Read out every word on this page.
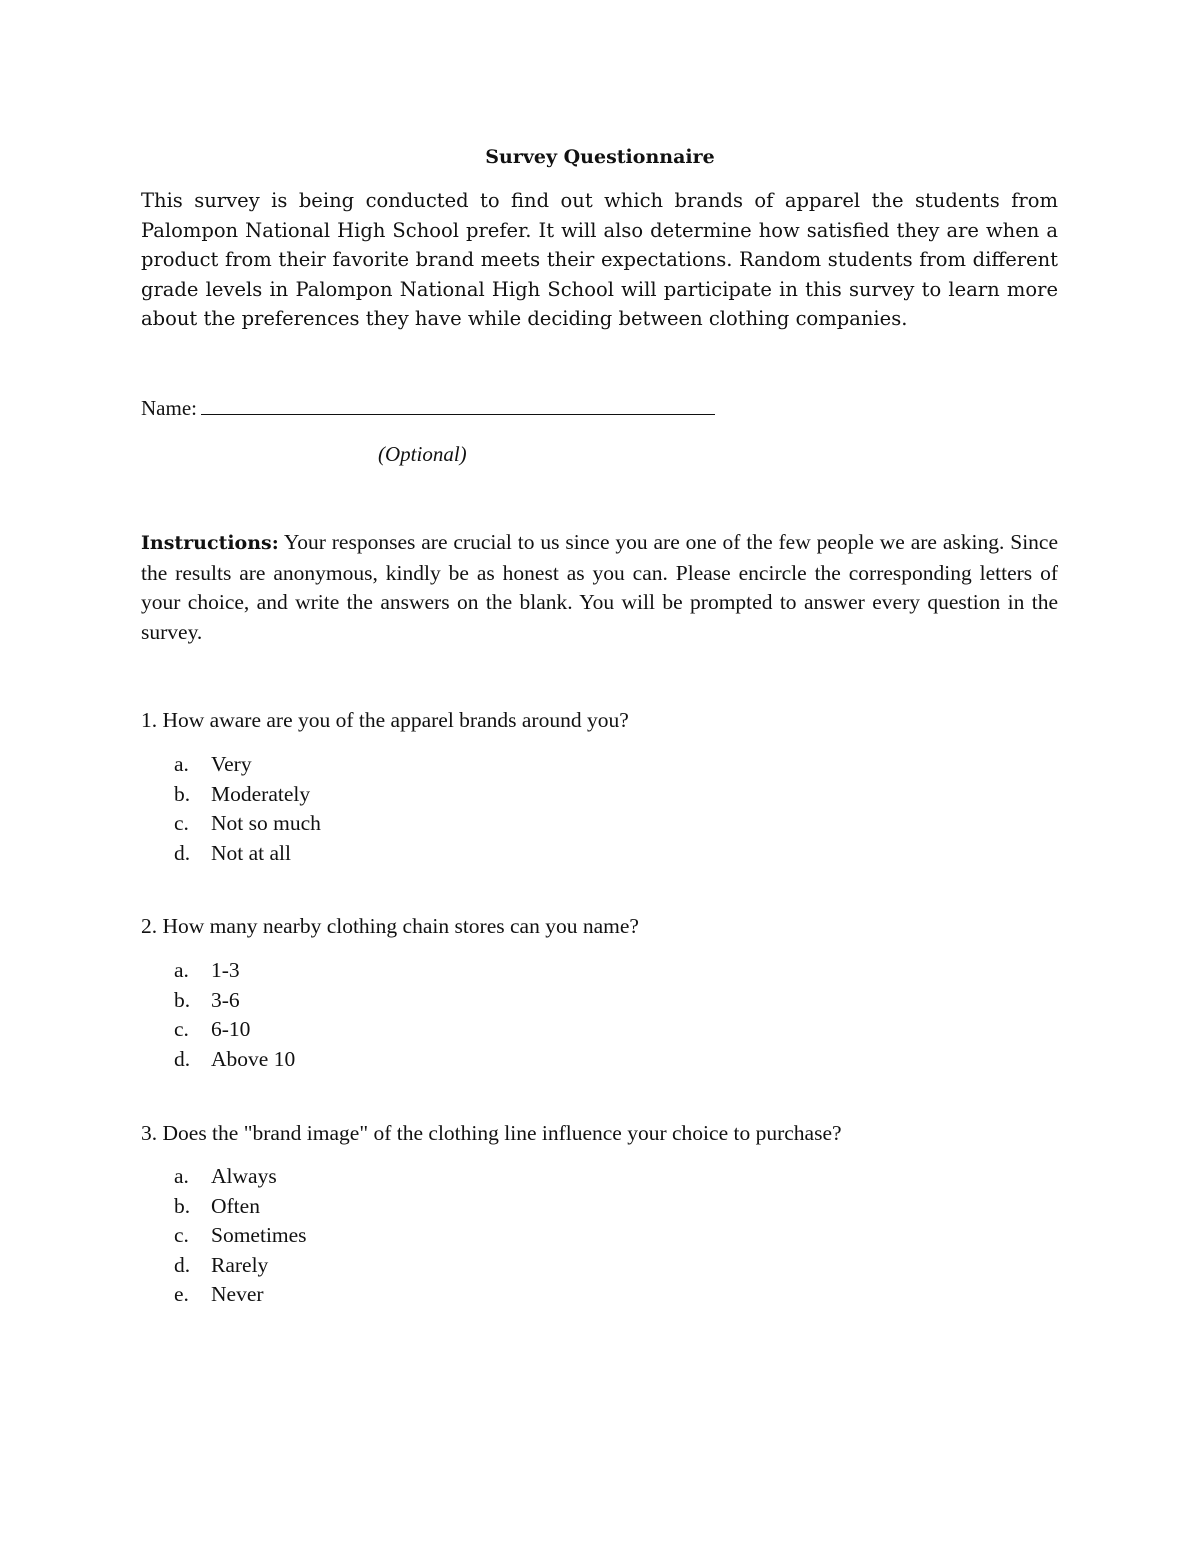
Survey Questionnaire

This survey is being conducted to find out which brands of apparel the students from Palompon National High School prefer. It will also determine how satisfied they are when a product from their favorite brand meets their expectations. Random students from different grade levels in Palompon National High School will participate in this survey to learn more about the preferences they have while deciding between clothing companies.

Name:
(Optional)

Instructions: Your responses are crucial to us since you are one of the few people we are asking. Since the results are anonymous, kindly be as honest as you can. Please encircle the corresponding letters of your choice, and write the answers on the blank. You will be prompted to answer every question in the survey.

1. How aware are you of the apparel brands around you?
a. Very
b. Moderately
c. Not so much
d. Not at all
2. How many nearby clothing chain stores can you name?
a. 1-3
b. 3-6
c. 6-10
d. Above 10
3. Does the "brand image" of the clothing line influence your choice to purchase?
a. Always
b. Often
c. Sometimes
d. Rarely
e. Never
